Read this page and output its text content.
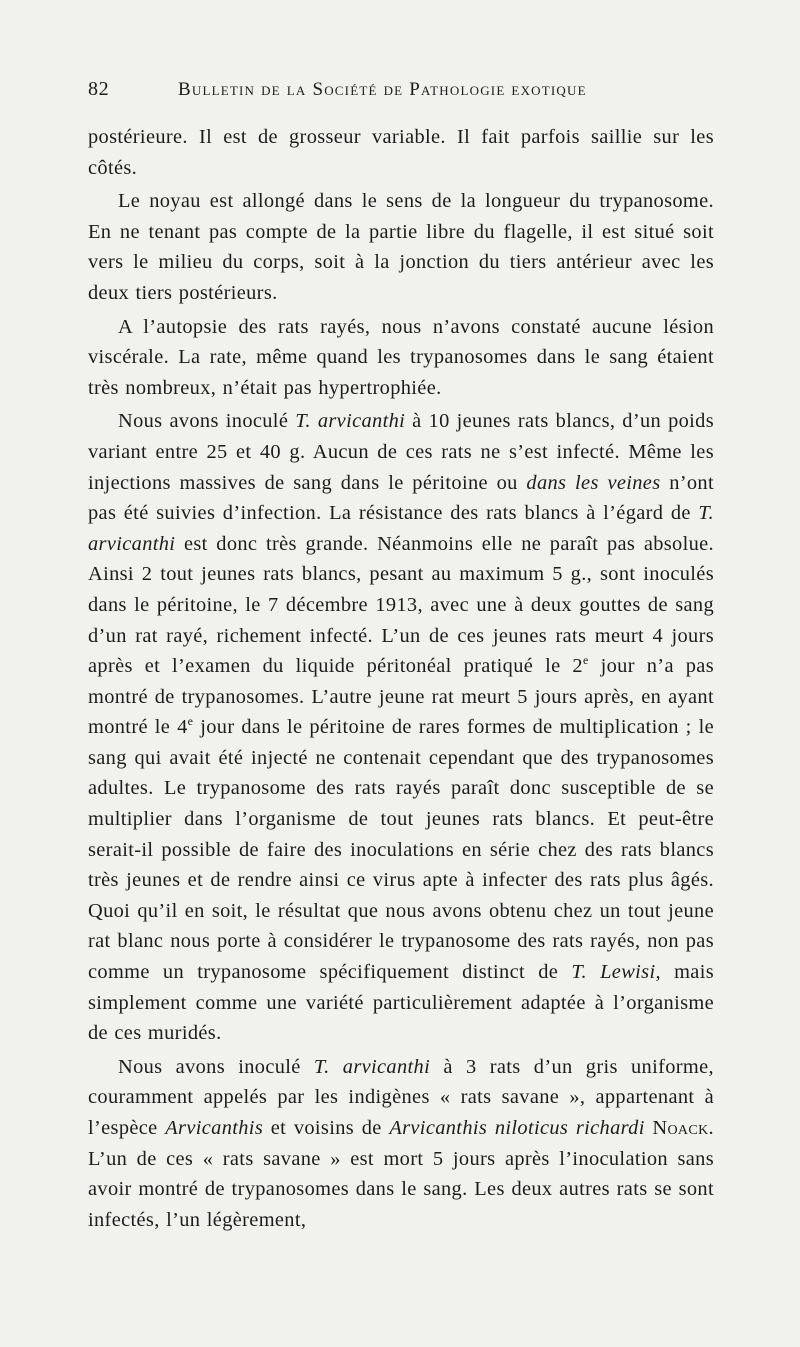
82	Bulletin de la Société de Pathologie exotique

postérieure. Il est de grosseur variable. Il fait parfois saillie sur les côtés.

Le noyau est allongé dans le sens de la longueur du trypanosome. En ne tenant pas compte de la partie libre du flagelle, il est situé soit vers le milieu du corps, soit à la jonction du tiers antérieur avec les deux tiers postérieurs.

A l’autopsie des rats rayés, nous n’avons constaté aucune lésion viscérale. La rate, même quand les trypanosomes dans le sang étaient très nombreux, n’était pas hypertrophiée.

Nous avons inoculé T. arvicanthi à 10 jeunes rats blancs, d’un poids variant entre 25 et 40 g. Aucun de ces rats ne s’est infecté. Même les injections massives de sang dans le péritoine ou dans les veines n’ont pas été suivies d’infection. La résistance des rats blancs à l’égard de T. arvicanthi est donc très grande. Néanmoins elle ne paraît pas absolue. Ainsi 2 tout jeunes rats blancs, pesant au maximum 5 g., sont inoculés dans le péritoine, le 7 décembre 1913, avec une à deux gouttes de sang d’un rat rayé, richement infecté. L’un de ces jeunes rats meurt 4 jours après et l’examen du liquide péritonéal pratiqué le 2e jour n’a pas montré de trypanosomes. L’autre jeune rat meurt 5 jours après, en ayant montré le 4e jour dans le péritoine de rares formes de multiplication ; le sang qui avait été injecté ne contenait cependant que des trypanosomes adultes. Le trypanosome des rats rayés paraît donc susceptible de se multiplier dans l’organisme de tout jeunes rats blancs. Et peut-être serait-il possible de faire des inoculations en série chez des rats blancs très jeunes et de rendre ainsi ce virus apte à infecter des rats plus âgés. Quoi qu’il en soit, le résultat que nous avons obtenu chez un tout jeune rat blanc nous porte à considérer le trypanosome des rats rayés, non pas comme un trypanosome spécifiquement distinct de T. Lewisi, mais simplement comme une variété particulièrement adaptée à l’organisme de ces muridés.

Nous avons inoculé T. arvicanthi à 3 rats d’un gris uniforme, couramment appelés par les indigènes « rats savane », appartenant à l’espèce Arvicanthis et voisins de Arvicanthis niloticus richardi Noack. L’un de ces « rats savane » est mort 5 jours après l’inoculation sans avoir montré de trypanosomes dans le sang. Les deux autres rats se sont infectés, l’un légèrement,
